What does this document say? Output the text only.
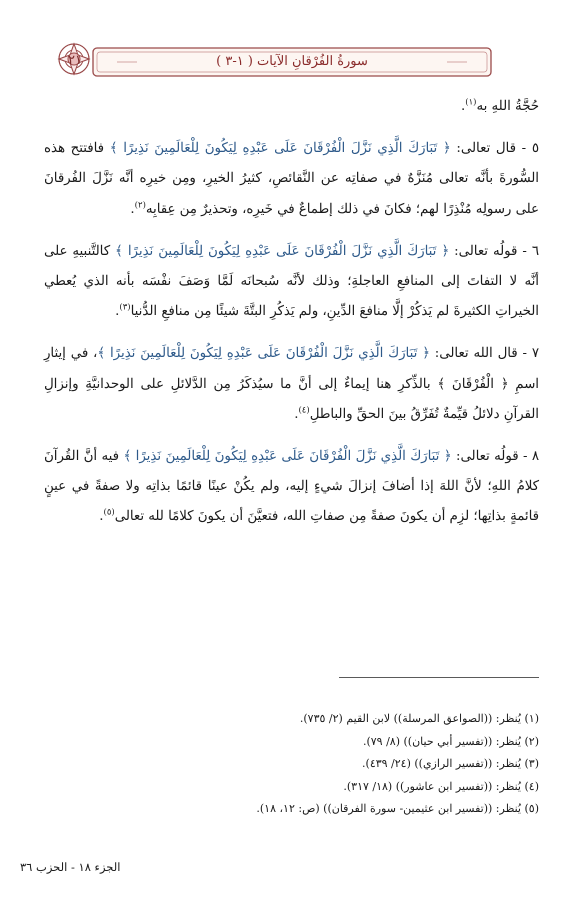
٢١	سورةُ الفُرْقانِ الآيات ( ١-٣ )

حُجَّةُ اللهِ به$^{(١)}$.

٥ - قال تعالى: ﴿ تَبَارَكَ الَّذِي نَزَّلَ الْفُرْقَانَ عَلَى عَبْدِهِ لِيَكُونَ لِلْعَالَمِينَ نَذِيرًا ﴾ فافتتح هذه السُّورةَ بأنَّه تعالى مُنَزَّهٌ في صفاتِه عن النَّقائصِ، كثيرُ الخيرِ، ومِن خيرِه أنَّه نَزَّلَ الفُرقانَ على رسولِه مُنْذِرًا لهم؛ فكانَ في ذلك إطماعٌ في خَيرِه، وتحذيرٌ مِن عِقابِه$^{(٢)}$.

٦ - قولُه تعالى: ﴿ تَبَارَكَ الَّذِي نَزَّلَ الْفُرْقَانَ عَلَى عَبْدِهِ لِيَكُونَ لِلْعَالَمِينَ نَذِيرًا ﴾ كالتَّنبيهِ على أنَّه لا التفاتَ إلى المنافعِ العاجلةِ؛ وذلك لأنَّه سُبحانَه لَمَّا وَصَفَ نفْسَه بأنه الذي يُعطي الخيراتِ الكثيرةَ لم يَذكُرْ إلَّا منافعَ الدِّينِ، ولم يَذكُرِ البتَّةَ شيئًا مِن منافعِ الدُّنيا$^{(٣)}$.

٧ - قال الله تعالى: ﴿ تَبَارَكَ الَّذِي نَزَّلَ الْفُرْقَانَ عَلَى عَبْدِهِ لِيَكُونَ لِلْعَالَمِينَ نَذِيرًا ﴾، في إيثارِ اسمِ ﴿ الْفُرْقَانَ ﴾ بالذِّكرِ هنا إيماءٌ إلى أنَّ ما سيُذكَرُ مِن الدَّلائلِ على الوحدانيَّةِ وإنزالِ القرآنِ دلائلُ قيِّمةٌ تُفَرِّقُ بينَ الحقِّ والباطلِ$^{(٤)}$.

٨ - قولُه تعالى: ﴿ تَبَارَكَ الَّذِي نَزَّلَ الْفُرْقَانَ عَلَى عَبْدِهِ لِيَكُونَ لِلْعَالَمِينَ نَذِيرًا ﴾ فيه أنَّ القُرآنَ كلامُ اللهِ؛ لأنَّ اللهَ إذا أضافَ إنزالَ شيءٍ إليه، ولم يكُنْ عينًا قائمًا بذاتِه ولا صفةً في عينٍ قائمةٍ بذاتِها؛ لزِم أن يكونَ صفةً مِن صفاتِ الله، فتعيَّنَ أن يكونَ كلامًا لله تعالى$^{(٥)}$.

(١) يُنظر: ((الصواعق المرسلة)) لابن القيم (٢/ ٧٣٥).

(٢) يُنظر: ((تفسير أبي حيان)) (٨/ ٧٩).

(٣) يُنظر: ((تفسير الرازي)) (٢٤/ ٤٣٩).

(٤) يُنظر: ((تفسير ابن عاشور)) (١٨/ ٣١٧).

(٥) يُنظر: ((تفسير ابن عثيمين- سورة الفرقان)) (ص: ١٢، ١٨).

الجزء ١٨ - الحزب ٣٦
